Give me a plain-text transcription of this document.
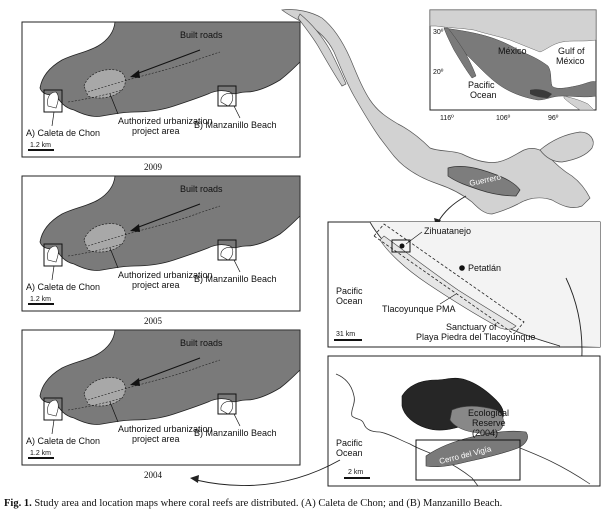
Built roads
Authorized urbanization
project area
A) Caleta de Chon
B) Manzanillo Beach
1.2 km
2009
Built roads
Authorized urbanization
project area
A) Caleta de Chon
B) Manzanillo Beach
1.2 km
2005
Built roads
Authorized urbanization
project area
A) Caleta de Chon
B) Manzanillo Beach
1.2 km
2004
Guerrero
30º
20º
116º	106º	96º
México	Gulf of
México
Pacific
Ocean
Zihuatanejo
Petatlán
Pacific
Ocean
Tlacoyunque PMA
Sanctuary of
Playa Piedra del Tlacoyunque
31 km
Cerro del Vigía
Ecological
Reserve
(2004)
Pacific
Ocean
2 km
Fig. 1. Study area and location maps where coral reefs are distributed. (A) Caleta de Chon; and (B) Manzanillo Beach.
